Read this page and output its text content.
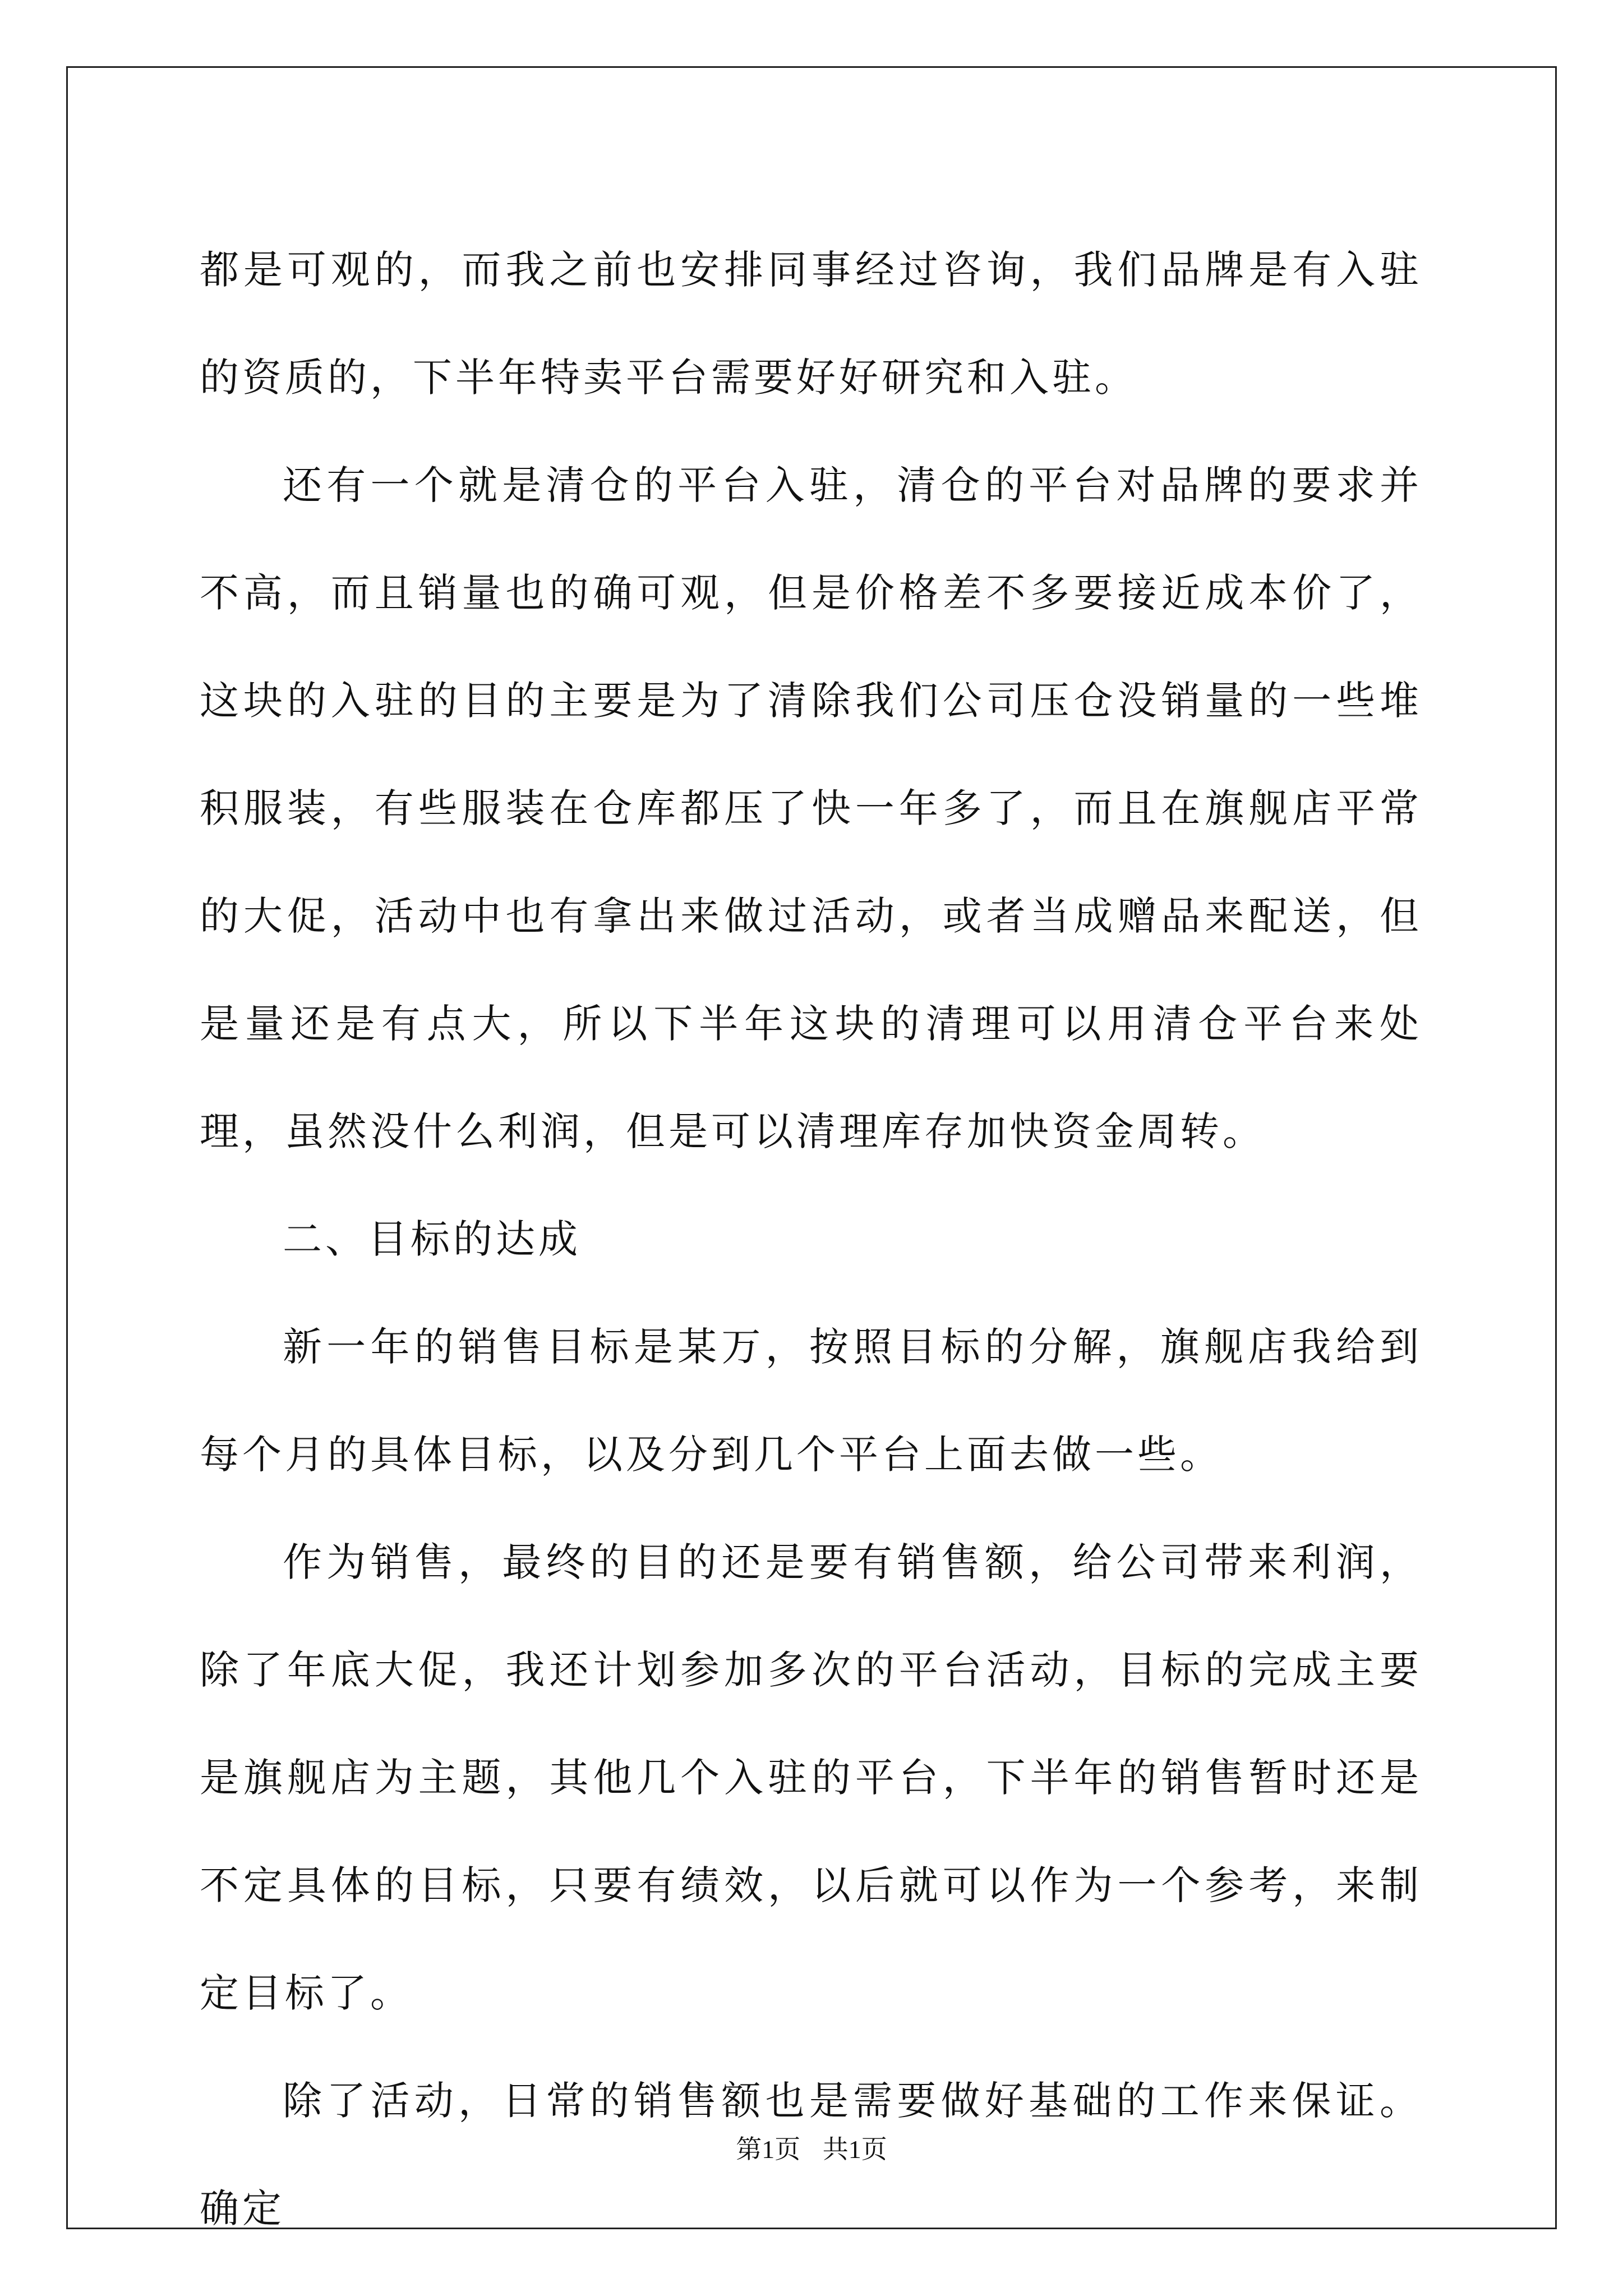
都是可观的，而我之前也安排同事经过咨询，我们品牌是有入驻的资质的，下半年特卖平台需要好好研究和入驻。

还有一个就是清仓的平台入驻，清仓的平台对品牌的要求并不高，而且销量也的确可观，但是价格差不多要接近成本价了，这块的入驻的目的主要是为了清除我们公司压仓没销量的一些堆积服装，有些服装在仓库都压了快一年多了，而且在旗舰店平常的大促，活动中也有拿出来做过活动，或者当成赠品来配送，但是量还是有点大，所以下半年这块的清理可以用清仓平台来处理，虽然没什么利润，但是可以清理库存加快资金周转。

二、目标的达成

新一年的销售目标是某万，按照目标的分解，旗舰店我给到每个月的具体目标，以及分到几个平台上面去做一些。

作为销售，最终的目的还是要有销售额，给公司带来利润，除了年底大促，我还计划参加多次的平台活动，目标的完成主要是旗舰店为主题，其他几个入驻的平台，下半年的销售暂时还是不定具体的目标，只要有绩效，以后就可以作为一个参考，来制定目标了。

除了活动，日常的销售额也是需要做好基础的工作来保证。确定

第1页 共1页
